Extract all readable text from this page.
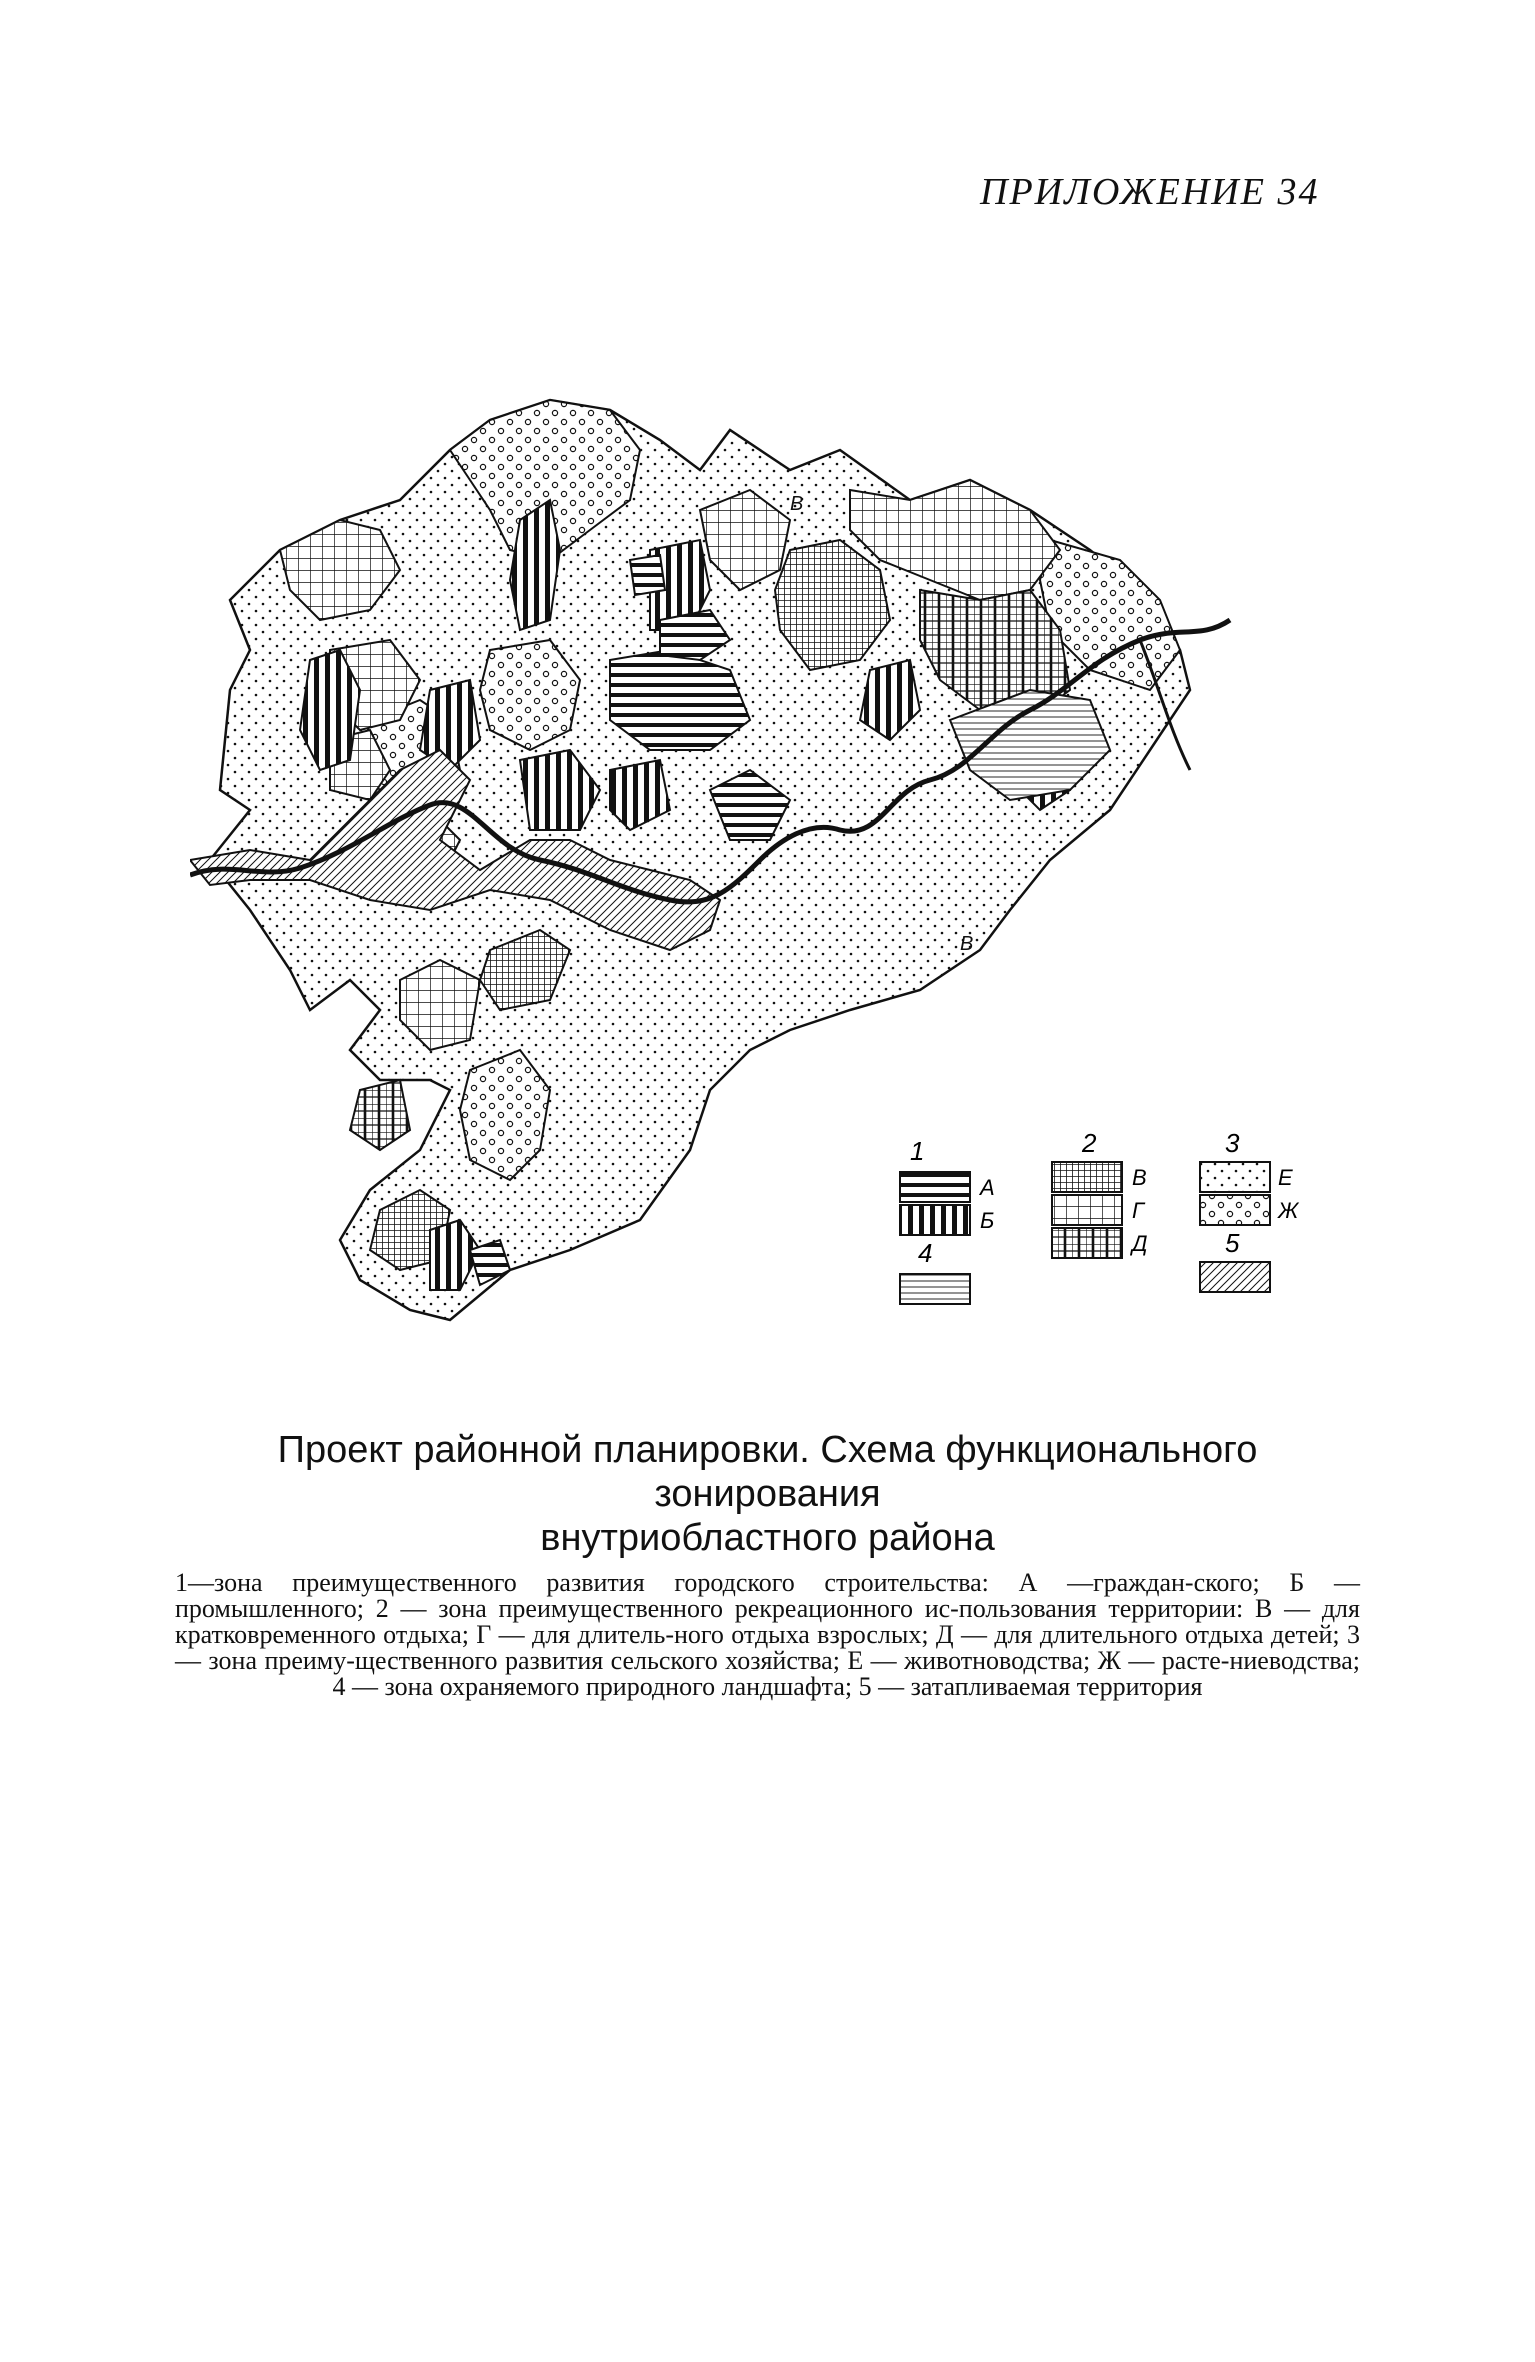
ПРИЛОЖЕНИЕ 34
В
В
1
А
Б
2
В
Г
Д
3
Е
Ж
4	5
Проект районной планировки. Схема функционального зонирования
внутриобластного района
1—зона преимущественного развития городского строительства: А —граждан-ского; Б — промышленного; 2 — зона преимущественного рекреационного ис-пользования территории: В — для кратковременного отдыха; Г — для длитель-ного отдыха взрослых; Д — для длительного отдыха детей; 3 — зона преиму-щественного развития сельского хозяйства; Е — животноводства; Ж — расте-ниеводства; 4 — зона охраняемого природного ландшафта; 5 — затапливаемая территория
